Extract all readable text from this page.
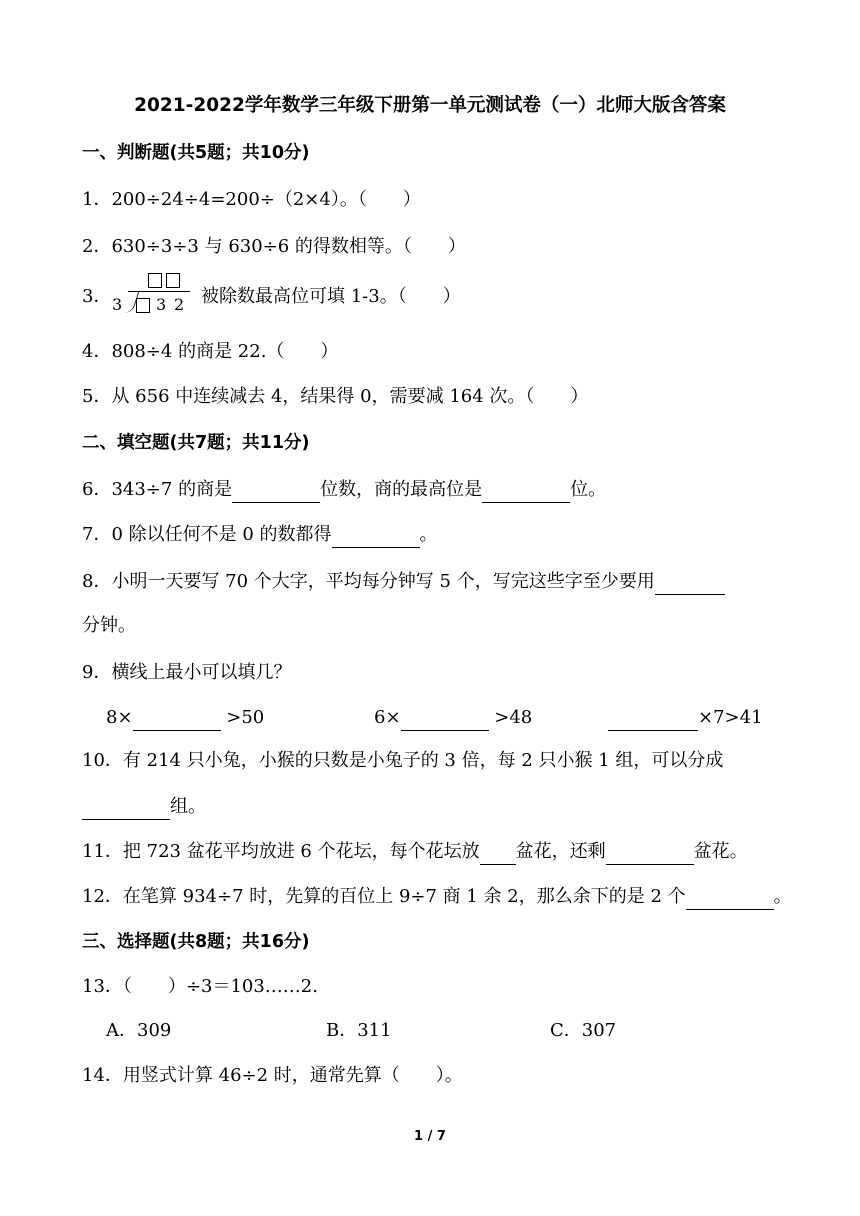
2021-2022学年数学三年级下册第一单元测试卷（一）北师大版含答案
一、判断题(共5题；共10分)
1．200÷24÷4=200÷（2×4）。（　　）
2．630÷3÷3 与 630÷6 的得数相等。（　　）
3． 3 3 2 被除数最高位可填 1-3。（　　）
4．808÷4 的商是 22.（　　）
5．从 656 中连续减去 4，结果得 0，需要减 164 次。（　　）
二、填空题(共7题；共11分)
6．343÷7 的商是	位数，商的最高位是	位。
7．0 除以任何不是 0 的数都得	。
8．小明一天要写 70 个大字，平均每分钟写 5 个，写完这些字至少要用
分钟。
9．横线上最小可以填几？
8×	>50	6×	>48	×7>41
10．有 214 只小兔，小猴的只数是小兔子的 3 倍，每 2 只小猴 1 组，可以分成
组。
11．把 723 盆花平均放进 6 个花坛，每个花坛放 盆花，还剩	盆花。
12．在笔算 934÷7 时，先算的百位上 9÷7 商 1 余 2，那么余下的是 2 个	。
三、选择题(共8题；共16分)
13．（　　）÷3＝103……2.
A．309	B．311	C．307
14．用竖式计算 46÷2 时，通常先算（　　）。
1 / 7
